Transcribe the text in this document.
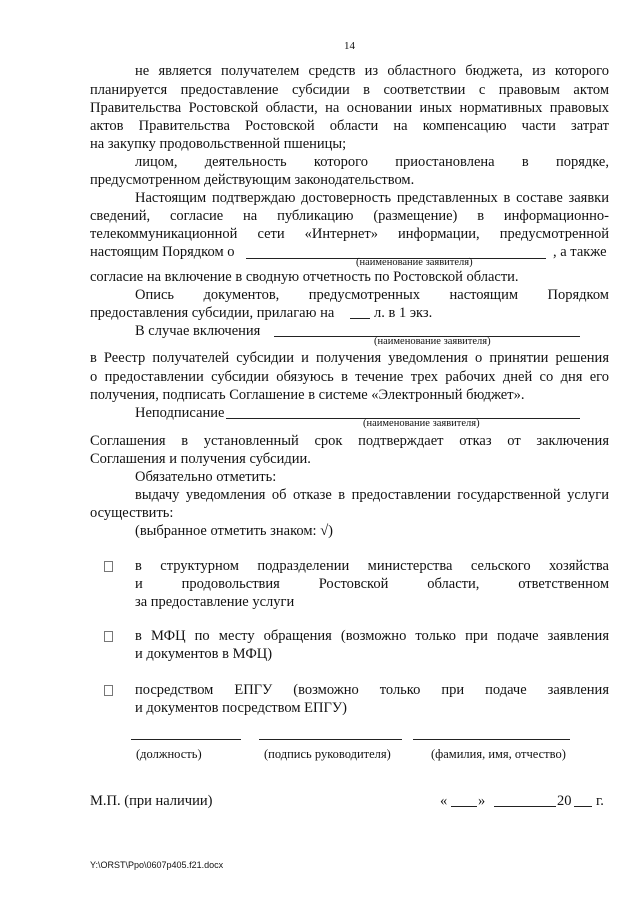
14
не является получателем средств из областного бюджета, из которого
планируется предоставление субсидии в соответствии с правовым актом
Правительства Ростовской области, на основании иных нормативных правовых
актов Правительства Ростовской области на компенсацию части затрат
на закупку продовольственной пшеницы;
лицом, деятельность которого приостановлена в порядке,
предусмотренном действующим законодательством.
Настоящим подтверждаю достоверность представленных в составе заявки
сведений, согласие на публикацию (размещение) в информационно-
телекоммуникационной сети «Интернет» информации, предусмотренной
настоящим Порядком о	, а также
(наименование заявителя)
согласие на включение в сводную отчетность по Ростовской области.
Опись документов, предусмотренных настоящим Порядком
предоставления субсидии, прилагаю на	л. в 1 экз.
В случае включения
(наименование заявителя)
в Реестр получателей субсидии и получения уведомления о принятии решения
о предоставлении субсидии обязуюсь в течение трех рабочих дней со дня его
получения, подписать Соглашение в системе «Электронный бюджет».
Неподписание
(наименование заявителя)
Соглашения в установленный срок подтверждает отказ от заключения
Соглашения и получения субсидии.
Обязательно отметить:
выдачу уведомления об отказе в предоставлении государственной услуги
осуществить:
(выбранное отметить знаком: √)
в структурном подразделении министерства сельского хозяйства
и продовольствия Ростовской области, ответственном
за предоставление услуги
в МФЦ по месту обращения (возможно только при подаче заявления
и документов в МФЦ)
посредством ЕПГУ (возможно только при подаче заявления
и документов посредством ЕПГУ)
(должность)	(подпись руководителя)	(фамилия, имя, отчество)
М.П. (при наличии)	« »	20 г.
Y:\ORST\Ppo\0607p405.f21.docx
